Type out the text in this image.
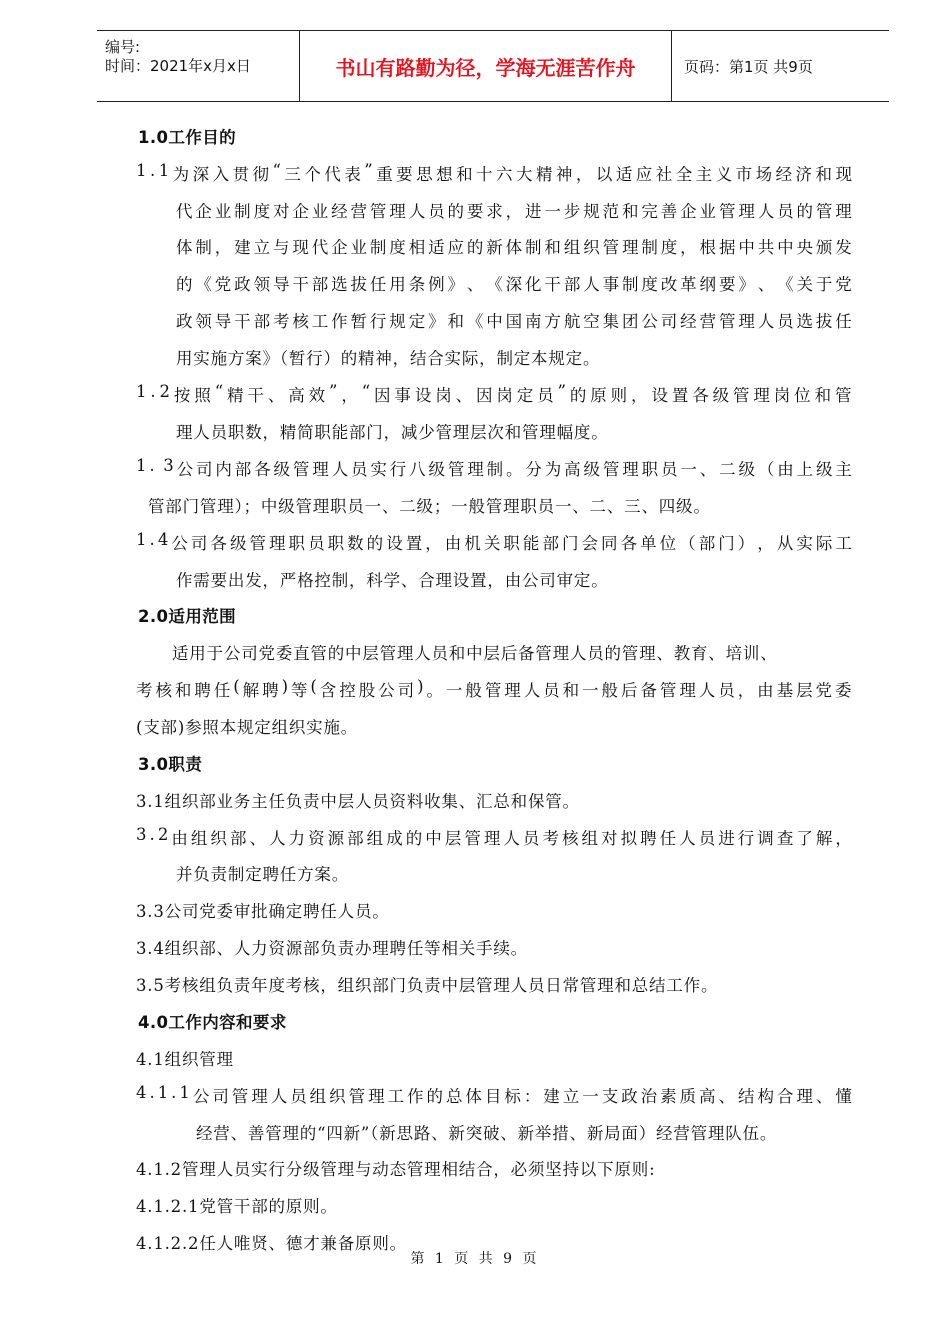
编号:
时间：2021年x月x日	书山有路勤为径，学海无涯苦作舟	页码：第1页 共9页
1.0工作目的
1 . 1 为 深 入 贯 彻 “ 三 个 代 表 ” 重 要 思 想 和 十 六 大 精 神 ， 以 适 应 社 全 主 义 市 场 经 济 和 现
代 企 业 制 度 对 企 业 经 营 管 理 人 员 的 要 求 ， 进 一 步 规 范 和 完 善 企 业 管 理 人 员 的 管 理
体 制 ， 建 立 与 现 代 企 业 制 度 相 适 应 的 新 体 制 和 组 织 管 理 制 度 ， 根 据 中 共 中 央 颁 发
的 《 党 政 领 导 干 部 选 拔 任 用 条 例 》 、 《 深 化 干 部 人 事 制 度 改 革 纲 要 》 、 《 关 于 党
政 领 导 干 部 考 核 工 作 暂 行 规 定 》 和 《 中 国 南 方 航 空 集 团 公 司 经 营 管 理 人 员 选 拔 任
用实施方案》（暂行）的精神，结合实际，制定本规定。
1 . 2 按 照 “ 精 干 、 高 效 ” ， “ 因 事 设 岗 、 因 岗 定 员 ” 的 原 则 ， 设 置 各 级 管 理 岗 位 和 管
理人员职数，精简职能部门，减少管理层次和管理幅度。
1 . 3 公 司 内 部 各 级 管 理 人 员 实 行 八 级 管 理 制 。 分 为 高 级 管 理 职 员 一 、 二 级 （ 由 上 级 主
管部门管理）；中级管理职员一、二级；一般管理职员一、二、三、四级。
1 . 4 公 司 各 级 管 理 职 员 职 数 的 设 置 ， 由 机 关 职 能 部 门 会 同 各 单 位 （ 部 门 ） ， 从 实 际 工
作需要出发，严格控制，科学、合理设置，由公司审定。
2.0适用范围
适用于公司党委直管的中层管理人员和中层后备管理人员的管理、教育、培训、
考 核 和 聘 任 ( 解 聘 ) 等 ( 含 控 股 公 司 ) 。 一 般 管 理 人 员 和 一 般 后 备 管 理 人 员 ， 由 基 层 党 委
(支部)参照本规定组织实施。
3.0职责
3.1组织部业务主任负责中层人员资料收集、汇总和保管。
3 . 2 由 组 织 部 、 人 力 资 源 部 组 成 的 中 层 管 理 人 员 考 核 组 对 拟 聘 任 人 员 进 行 调 查 了 解 ，
并负责制定聘任方案。
3.3公司党委审批确定聘任人员。
3.4组织部、人力资源部负责办理聘任等相关手续。
3.5考核组负责年度考核，组织部门负责中层管理人员日常管理和总结工作。
4.0工作内容和要求
4.1组织管理
4 . 1 . 1 公 司 管 理 人 员 组 织 管 理 工 作 的 总 体 目 标 ： 建 立 一 支 政 治 素 质 高 、 结 构 合 理 、 懂
经营、善管理的“四新”（新思路、新突破、新举措、新局面）经营管理队伍。
4.1.2管理人员实行分级管理与动态管理相结合，必须坚持以下原则:
4.1.2.1党管干部的原则。
4.1.2.2任人唯贤、德才兼备原则。
第 1 页 共 9 页
